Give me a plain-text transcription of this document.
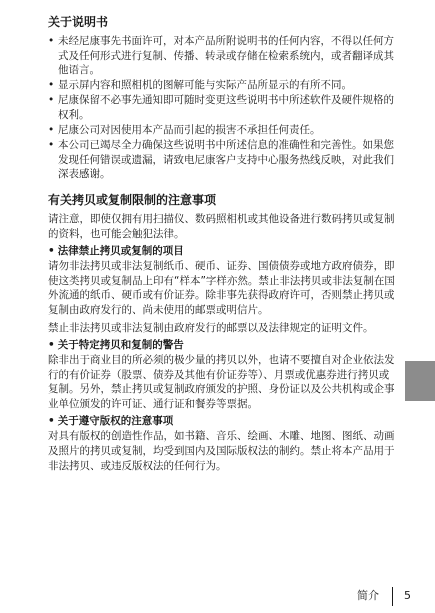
关于说明书
• 未经尼康事先书面许可，对本产品所附说明书的任何内容，不得以任何方式及任何形式进行复制、传播、转录或存储在检索系统内，或者翻译成其他语言。
• 显示屏内容和照相机的图解可能与实际产品所显示的有所不同。
• 尼康保留不必事先通知即可随时变更这些说明书中所述软件及硬件规格的权利。
• 尼康公司对因使用本产品而引起的损害不承担任何责任。
• 本公司已竭尽全力确保这些说明书中所述信息的准确性和完善性。如果您发现任何错误或遗漏，请致电尼康客户支持中心服务热线反映，对此我们深表感谢。
有关拷贝或复制限制的注意事项

请注意，即使仅拥有用扫描仪、数码照相机或其他设备进行数码拷贝或复制的资料，也可能会触犯法律。

• 法律禁止拷贝或复制的项目

请勿非法拷贝或非法复制纸币、硬币、证券、国债债券或地方政府债券，即使这类拷贝或复制品上印有“样本”字样亦然。禁止非法拷贝或非法复制在国外流通的纸币、硬币或有价证券。除非事先获得政府许可，否则禁止拷贝或复制由政府发行的、尚未使用的邮票或明信片。

禁止非法拷贝或非法复制由政府发行的邮票以及法律规定的证明文件。

• 关于特定拷贝和复制的警告

除非出于商业目的所必须的极少量的拷贝以外，也请不要擅自对企业依法发行的有价证券（股票、债券及其他有价证券等）、月票或优惠券进行拷贝或复制。另外，禁止拷贝或复制政府颁发的护照、身份证以及公共机构或企事业单位颁发的许可证、通行证和餐券等票据。

• 关于遵守版权的注意事项

对具有版权的创造性作品，如书籍、音乐、绘画、木雕、地图、图纸、动画及照片的拷贝或复制，均受到国内及国际版权法的制约。禁止将本产品用于非法拷贝、或违反版权法的任何行为。

简介 5
